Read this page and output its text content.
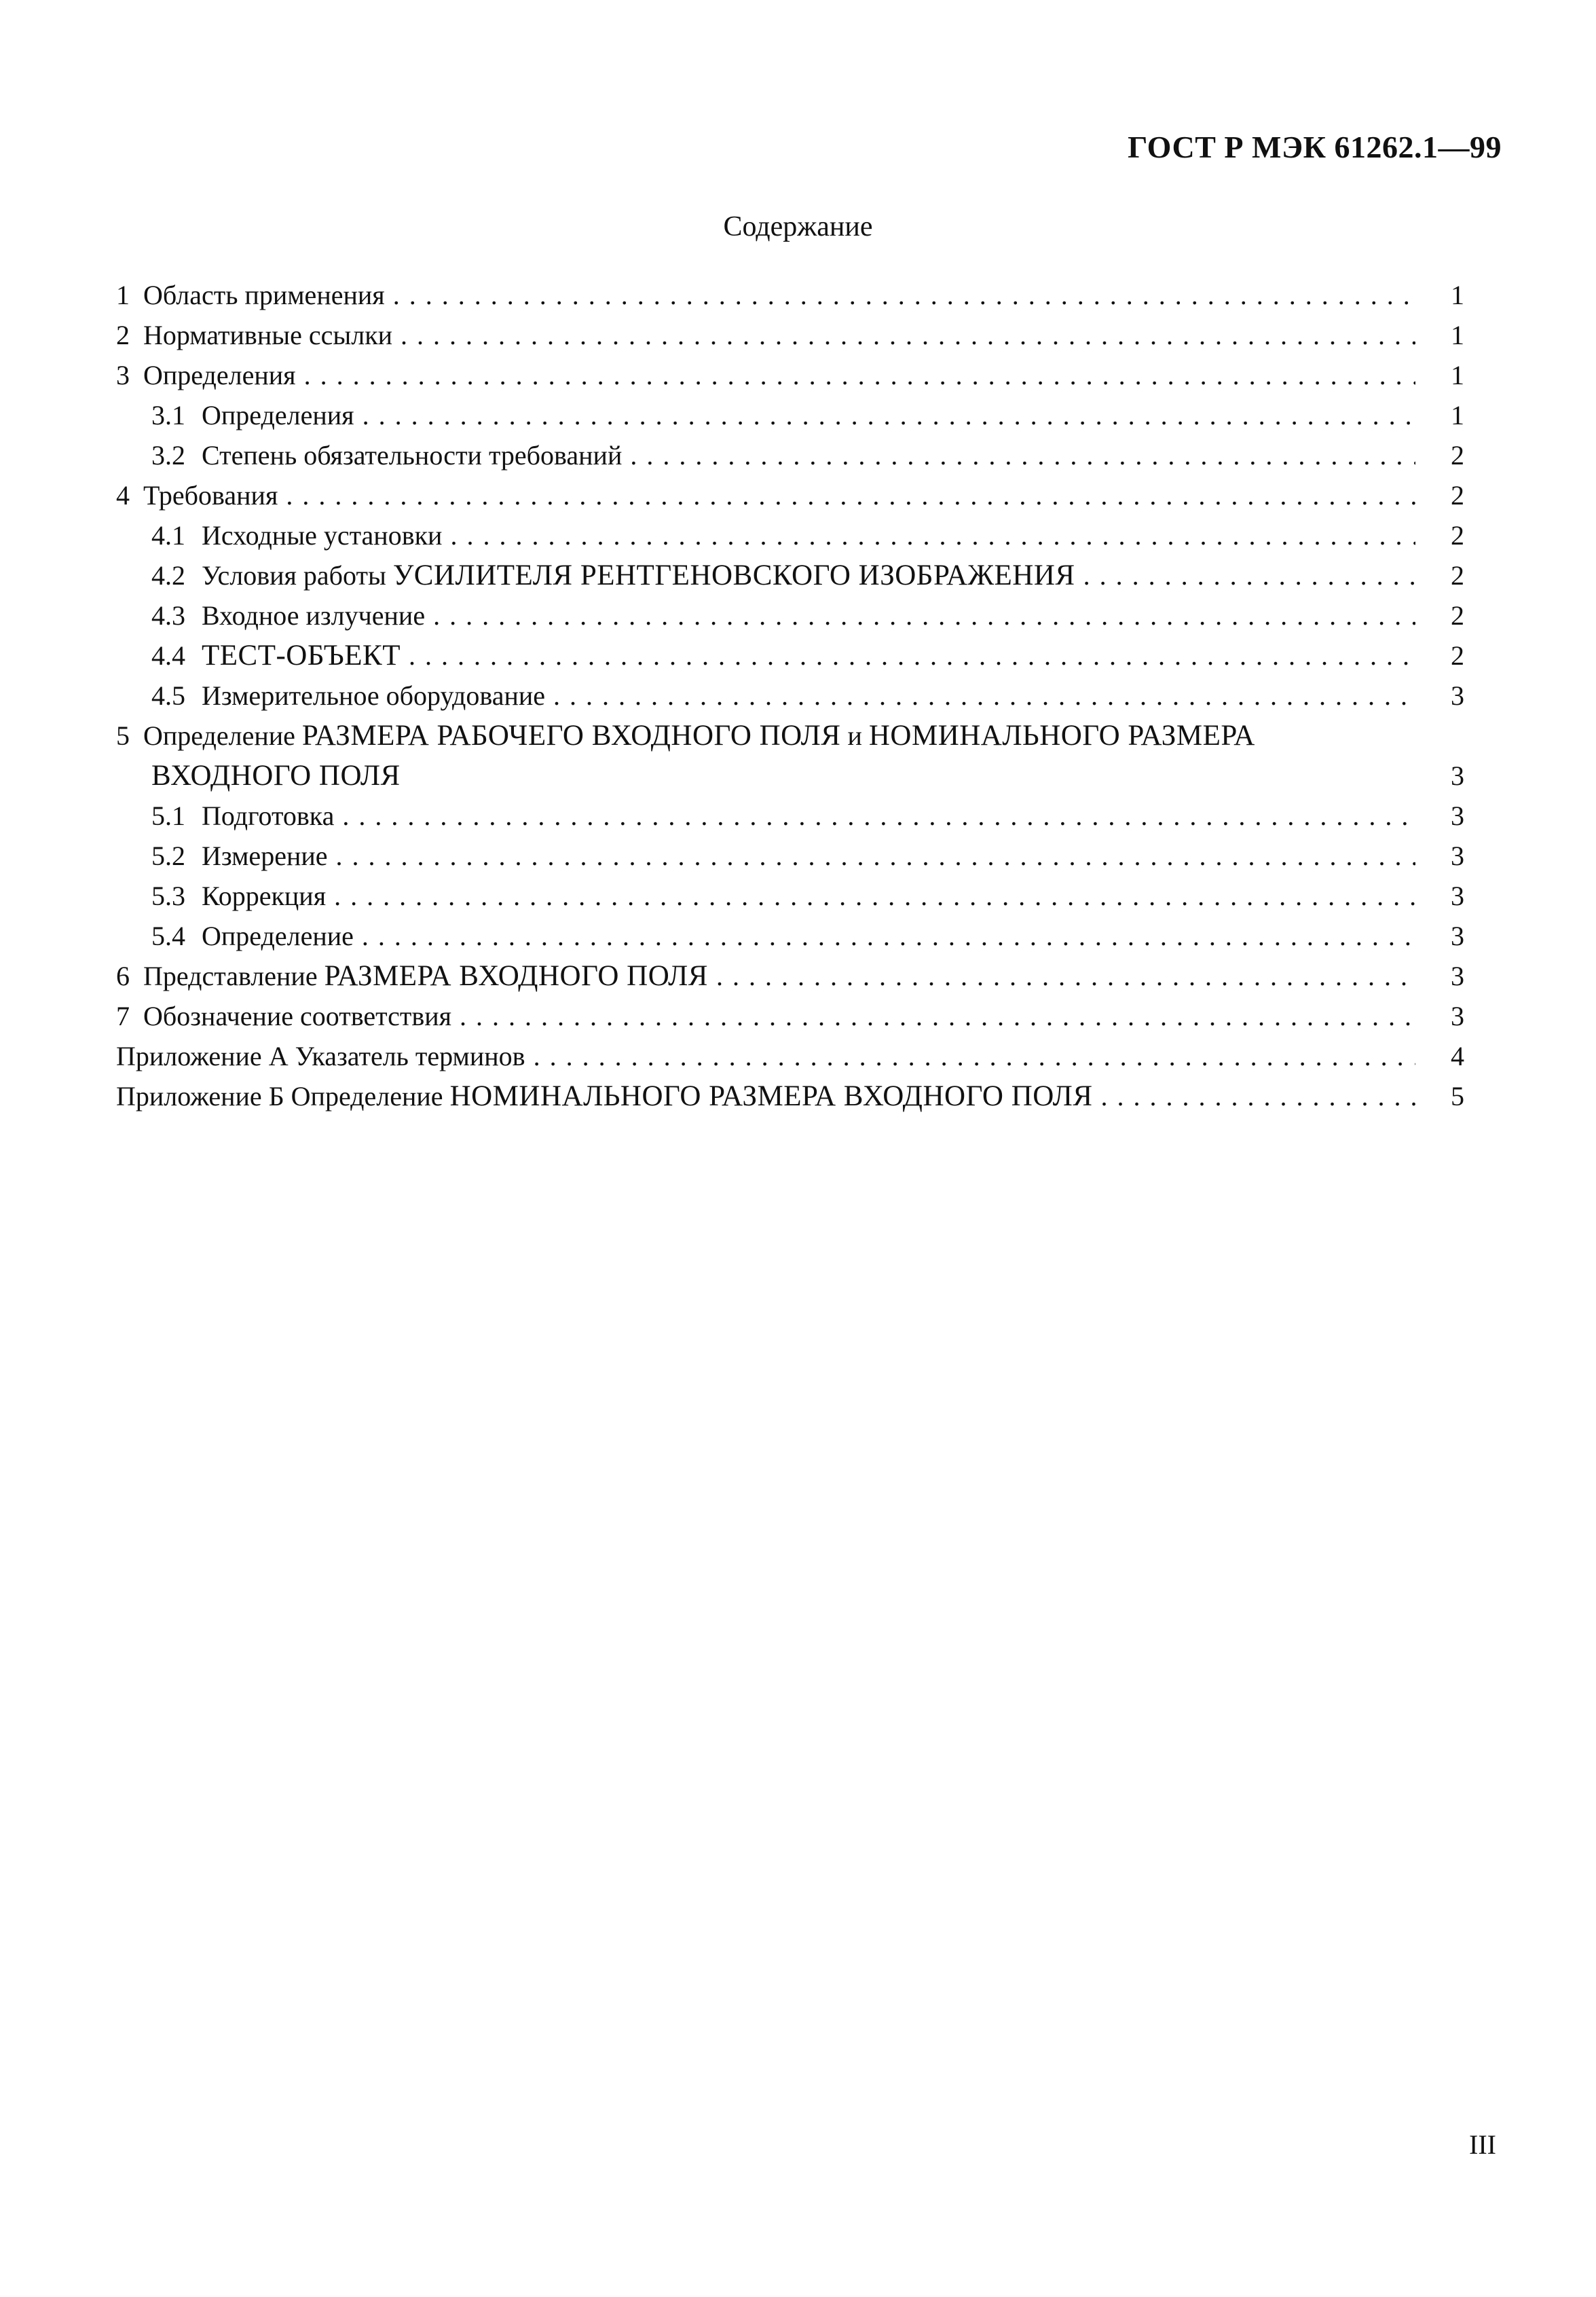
ГОСТ Р МЭК 61262.1—99
Содержание
1 Область применения . . .	1
2 Нормативные ссылки . . .	1
3 Определения . . .	1
3.1 Определения . . .	1
3.2 Степень обязательности требований . . .	2
4 Требования . . .	2
4.1 Исходные установки . . .	2
4.2 Условия работы УСИЛИТЕЛЯ РЕНТГЕНОВСКОГО ИЗОБРАЖЕНИЯ . . .	2
4.3 Входное излучение . . .	2
4.4 ТЕСТ-ОБЪЕКТ . . .	2
4.5 Измерительное оборудование . . .	3
5 Определение РАЗМЕРА РАБОЧЕГО ВХОДНОГО ПОЛЯ и НОМИНАЛЬНОГО РАЗМЕРА
ВХОДНОГО ПОЛЯ	3
5.1 Подготовка . . .	3
5.2 Измерение . . .	3
5.3 Коррекция . . .	3
5.4 Определение . . .	3
6 Представление РАЗМЕРА ВХОДНОГО ПОЛЯ . . .	3
7 Обозначение соответствия . . .	3
Приложение А Указатель терминов . . .	4
Приложение Б Определение НОМИНАЛЬНОГО РАЗМЕРА ВХОДНОГО ПОЛЯ . . .	5
III
